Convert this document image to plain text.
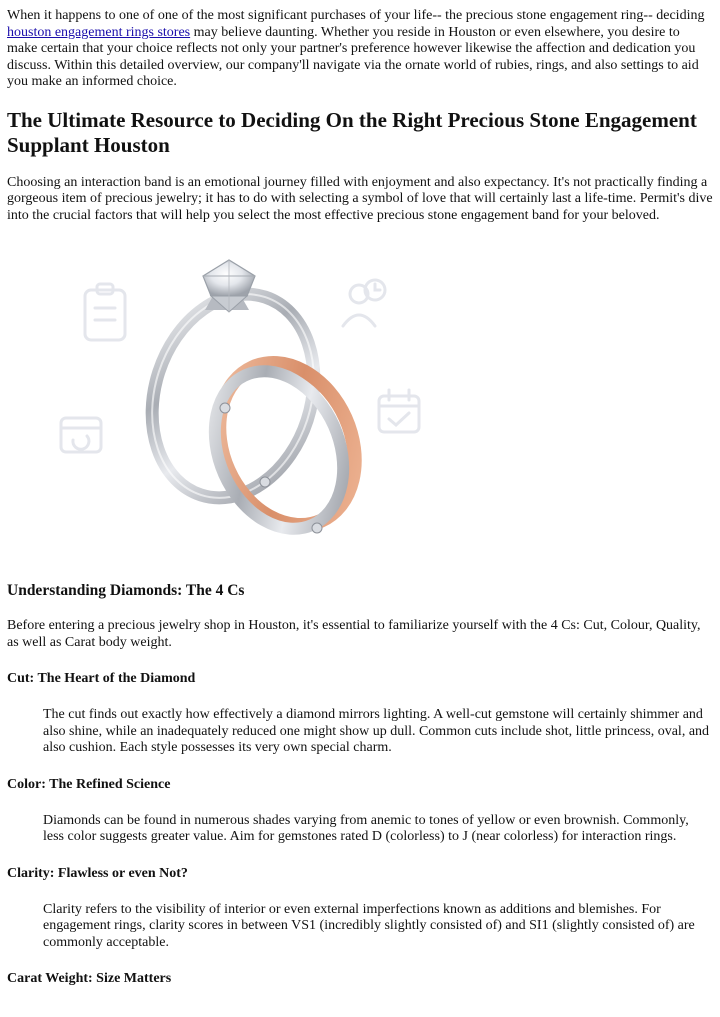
When it happens to one of one of the most significant purchases of your life-- the precious stone engagement ring-- deciding houston engagement rings stores may believe daunting. Whether you reside in Houston or even elsewhere, you desire to make certain that your choice reflects not only your partner's preference however likewise the affection and dedication you discuss. Within this detailed overview, our company'll navigate via the ornate world of rubies, rings, and also settings to aid you make an informed choice.

The Ultimate Resource to Deciding On the Right Precious Stone Engagement Supplant Houston

Choosing an interaction band is an emotional journey filled with enjoyment and also expectancy. It's not practically finding a gorgeous item of precious jewelry; it has to do with selecting a symbol of love that will certainly last a life-time. Permit's dive into the crucial factors that will help you select the most effective precious stone engagement band for your beloved.

Understanding Diamonds: The 4 Cs

Before entering a precious jewelry shop in Houston, it's essential to familiarize yourself with the 4 Cs: Cut, Colour, Quality, as well as Carat body weight.

Cut: The Heart of the Diamond

The cut finds out exactly how effectively a diamond mirrors lighting. A well-cut gemstone will certainly shimmer and also shine, while an inadequately reduced one might show up dull. Common cuts include shot, little princess, oval, and also cushion. Each style possesses its very own special charm.

Color: The Refined Science

Diamonds can be found in numerous shades varying from anemic to tones of yellow or even brownish. Commonly, less color suggests greater value. Aim for gemstones rated D (colorless) to J (near colorless) for interaction rings.

Clarity: Flawless or even Not?

Clarity refers to the visibility of interior or even external imperfections known as additions and blemishes. For engagement rings, clarity scores in between VS1 (incredibly slightly consisted of) and SI1 (slightly consisted of) are commonly acceptable.

Carat Weight: Size Matters
